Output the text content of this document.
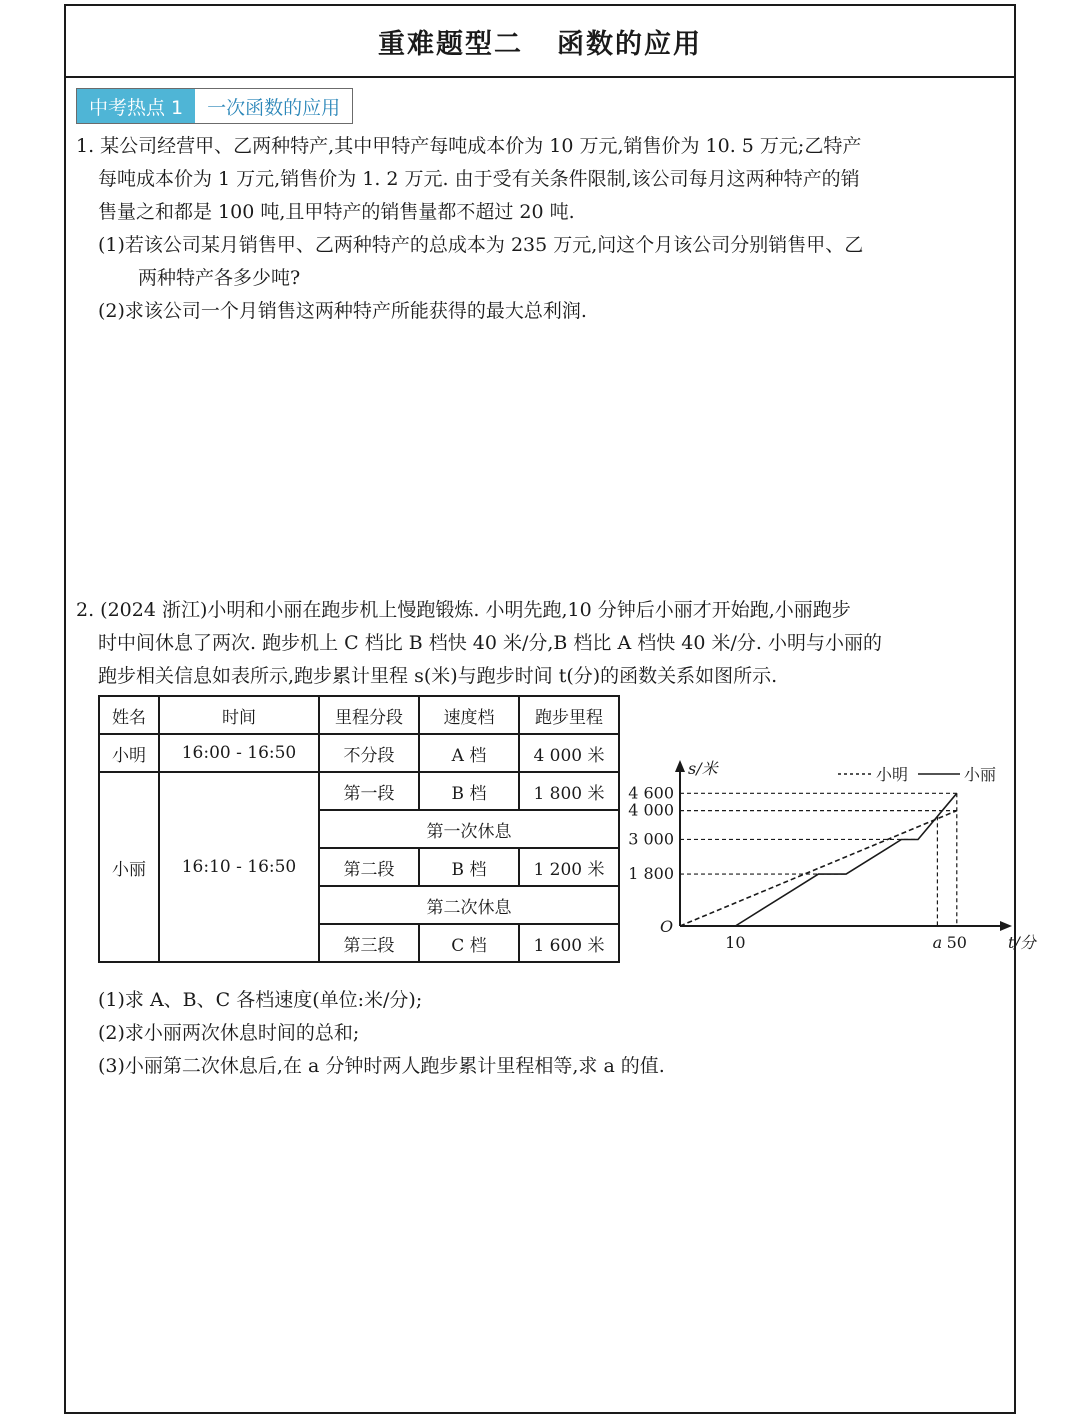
重难题型二 函数的应用
中考热点 1	一次函数的应用
1. 某公司经营甲、乙两种特产,其中甲特产每吨成本价为 10 万元,销售价为 10. 5 万元;乙特产
每吨成本价为 1 万元,销售价为 1. 2 万元. 由于受有关条件限制,该公司每月这两种特产的销
售量之和都是 100 吨,且甲特产的销售量都不超过 20 吨.
(1)若该公司某月销售甲、乙两种特产的总成本为 235 万元,问这个月该公司分别销售甲、乙
两种特产各多少吨?
(2)求该公司一个月销售这两种特产所能获得的最大总利润.
2. (2024 浙江)小明和小丽在跑步机上慢跑锻炼. 小明先跑,10 分钟后小丽才开始跑,小丽跑步
时中间休息了两次. 跑步机上 C 档比 B 档快 40 米/分,B 档比 A 档快 40 米/分. 小明与小丽的
跑步相关信息如表所示,跑步累计里程 s(米)与跑步时间 t(分)的函数关系如图所示.
姓名	时间	里程分段	速度档	跑步里程
小明	16:00 - 16:50	不分段	A 档	4 000 米
小丽	16:10 - 16:50	第一段	B 档	1 800 米
		第一次休息		
		第二段	B 档	1 200 米
		第二次休息		
		第三段	C 档	1 600 米
s/米
t/分
O
1 800
3 000
4 000
4 600
10	a 50
小明	小丽
(1)求 A、B、C 各档速度(单位:米/分);
(2)求小丽两次休息时间的总和;
(3)小丽第二次休息后,在 a 分钟时两人跑步累计里程相等,求 a 的值.
